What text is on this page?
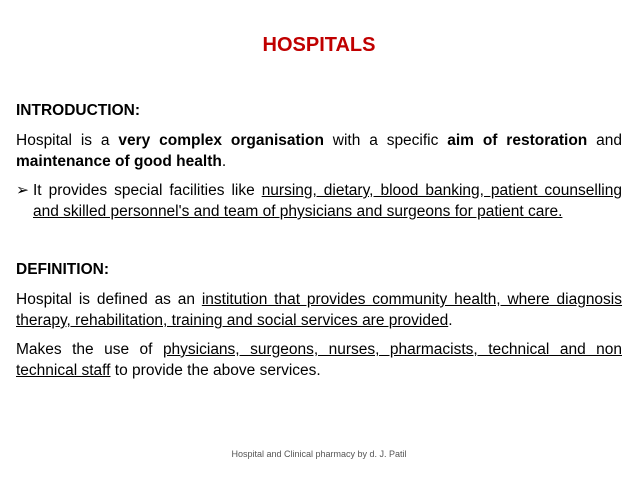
HOSPITALS
INTRODUCTION:

Hospital is a very complex organisation with a specific aim of restoration and maintenance of good health.

➢ It provides special facilities like nursing, dietary, blood banking, patient counselling and skilled personnel's and team of physicians and surgeons for patient care.
DEFINITION:

Hospital is defined as an institution that provides community health, where diagnosis therapy, rehabilitation, training and social services are provided.

Makes the use of physicians, surgeons, nurses, pharmacists, technical and non technical staff to provide the above services.

Hospital and Clinical pharmacy by d. J. Patil
